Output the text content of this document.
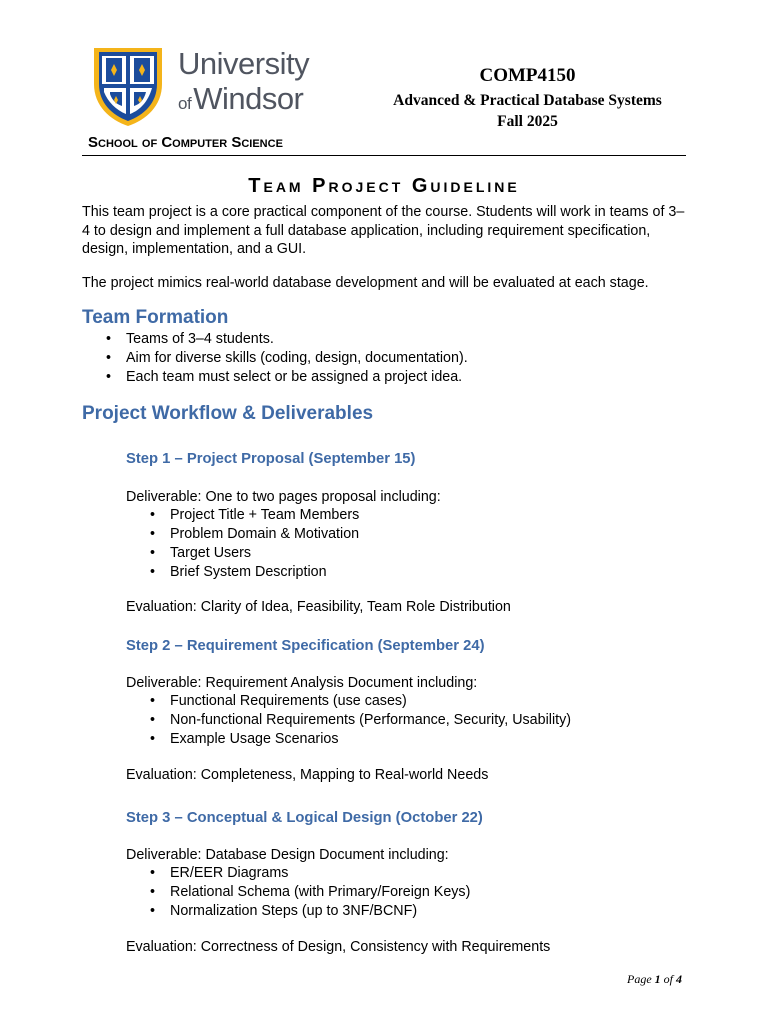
University
ofWindsor
COMP4150
Advanced & Practical Database Systems
Fall 2025
School of Computer Science
Team Project Guideline
This team project is a core practical component of the course. Students will work in teams of 3–4 to design and implement a full database application, including requirement specification, design, implementation, and a GUI.
The project mimics real-world database development and will be evaluated at each stage.
Team Formation
• Teams of 3–4 students.
• Aim for diverse skills (coding, design, documentation).
• Each team must select or be assigned a project idea.
Project Workflow & Deliverables
Step 1 – Project Proposal (September 15)
Deliverable: One to two pages proposal including:
• Project Title + Team Members
• Problem Domain & Motivation
• Target Users
• Brief System Description
Evaluation: Clarity of Idea, Feasibility, Team Role Distribution
Step 2 – Requirement Specification (September 24)
Deliverable: Requirement Analysis Document including:
• Functional Requirements (use cases)
• Non-functional Requirements (Performance, Security, Usability)
• Example Usage Scenarios
Evaluation: Completeness, Mapping to Real-world Needs
Step 3 – Conceptual & Logical Design (October 22)
Deliverable: Database Design Document including:
• ER/EER Diagrams
• Relational Schema (with Primary/Foreign Keys)
• Normalization Steps (up to 3NF/BCNF)
Evaluation: Correctness of Design, Consistency with Requirements
Page 1 of 4
